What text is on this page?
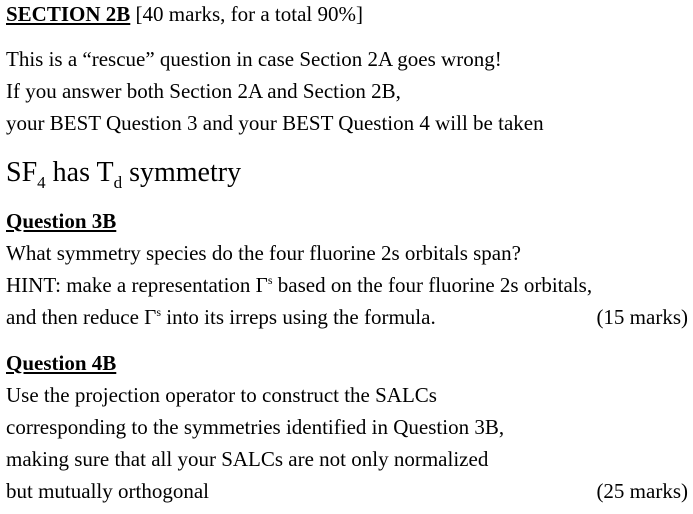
SECTION 2B [40 marks, for a total 90%]
This is a “rescue” question in case Section 2A goes wrong!
If you answer both Section 2A and Section 2B,
your BEST Question 3 and your BEST Question 4 will be taken
$SF_4$ has $T_d$ symmetry
Question 3B
What symmetry species do the four fluorine 2s orbitals span?
HINT: make a representation $\Gamma^s$ based on the four fluorine 2s orbitals,
and then reduce $\Gamma^s$ into its irreps using the formula.	(15 marks)
Question 4B
Use the projection operator to construct the SALCs
corresponding to the symmetries identified in Question 3B,
making sure that all your SALCs are not only normalized
but mutually orthogonal	(25 marks)
